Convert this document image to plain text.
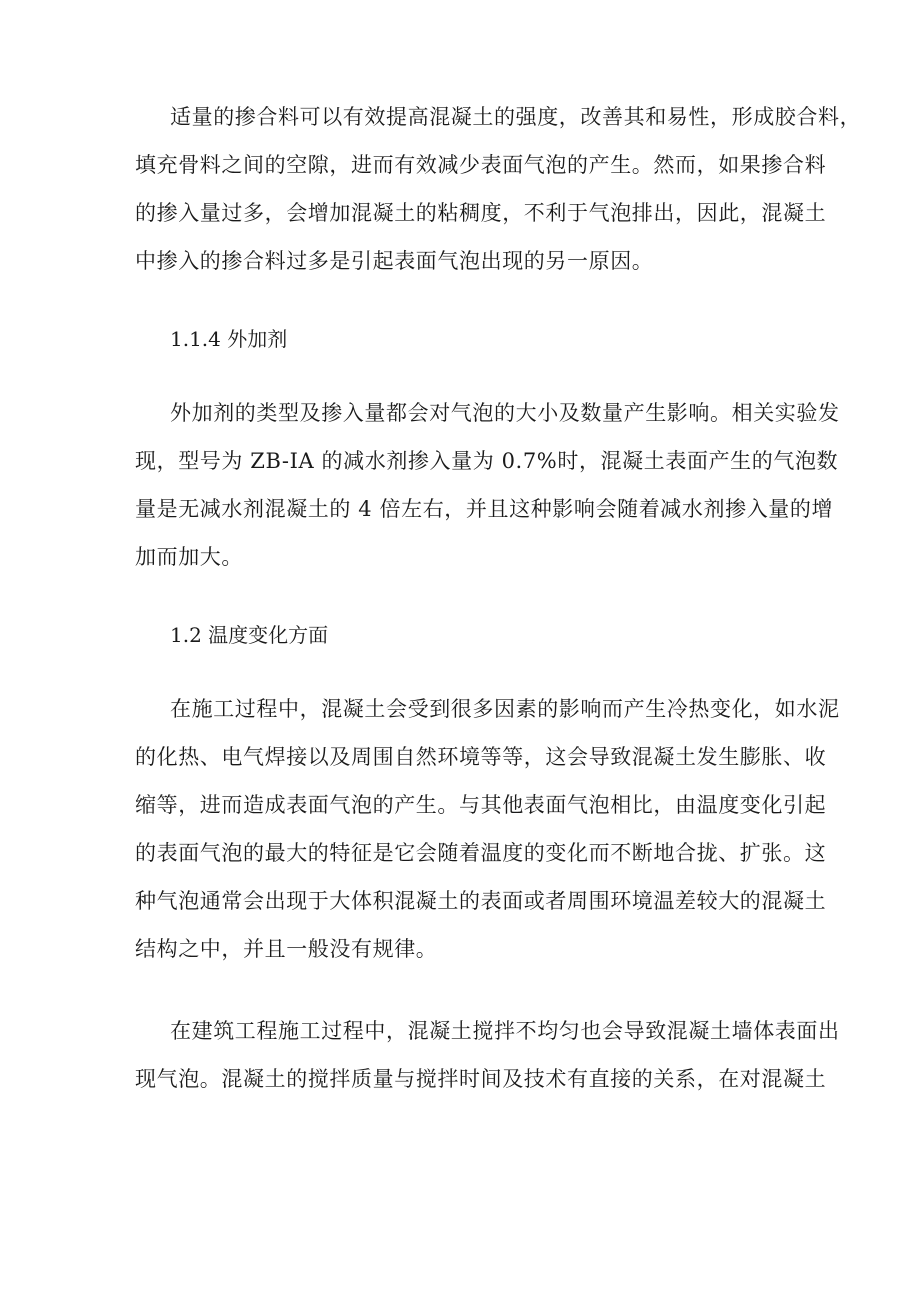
适量的掺合料可以有效提高混凝土的强度，改善其和易性，形成胶合料，
填充骨料之间的空隙，进而有效减少表面气泡的产生。然而，如果掺合料
的掺入量过多，会增加混凝土的粘稠度，不利于气泡排出，因此，混凝土
中掺入的掺合料过多是引起表面气泡出现的另一原因。
1.1.4 外加剂
外加剂的类型及掺入量都会对气泡的大小及数量产生影响。相关实验发
现，型号为 ZB-IA 的减水剂掺入量为 0.7%时，混凝土表面产生的气泡数
量是无减水剂混凝土的 4 倍左右，并且这种影响会随着减水剂掺入量的增
加而加大。
1.2 温度变化方面
在施工过程中，混凝土会受到很多因素的影响而产生冷热变化，如水泥
的化热、电气焊接以及周围自然环境等等，这会导致混凝土发生膨胀、收
缩等，进而造成表面气泡的产生。与其他表面气泡相比，由温度变化引起
的表面气泡的最大的特征是它会随着温度的变化而不断地合拢、扩张。这
种气泡通常会出现于大体积混凝土的表面或者周围环境温差较大的混凝土
结构之中，并且一般没有规律。
在建筑工程施工过程中，混凝土搅拌不均匀也会导致混凝土墙体表面出
现气泡。混凝土的搅拌质量与搅拌时间及技术有直接的关系，在对混凝土
